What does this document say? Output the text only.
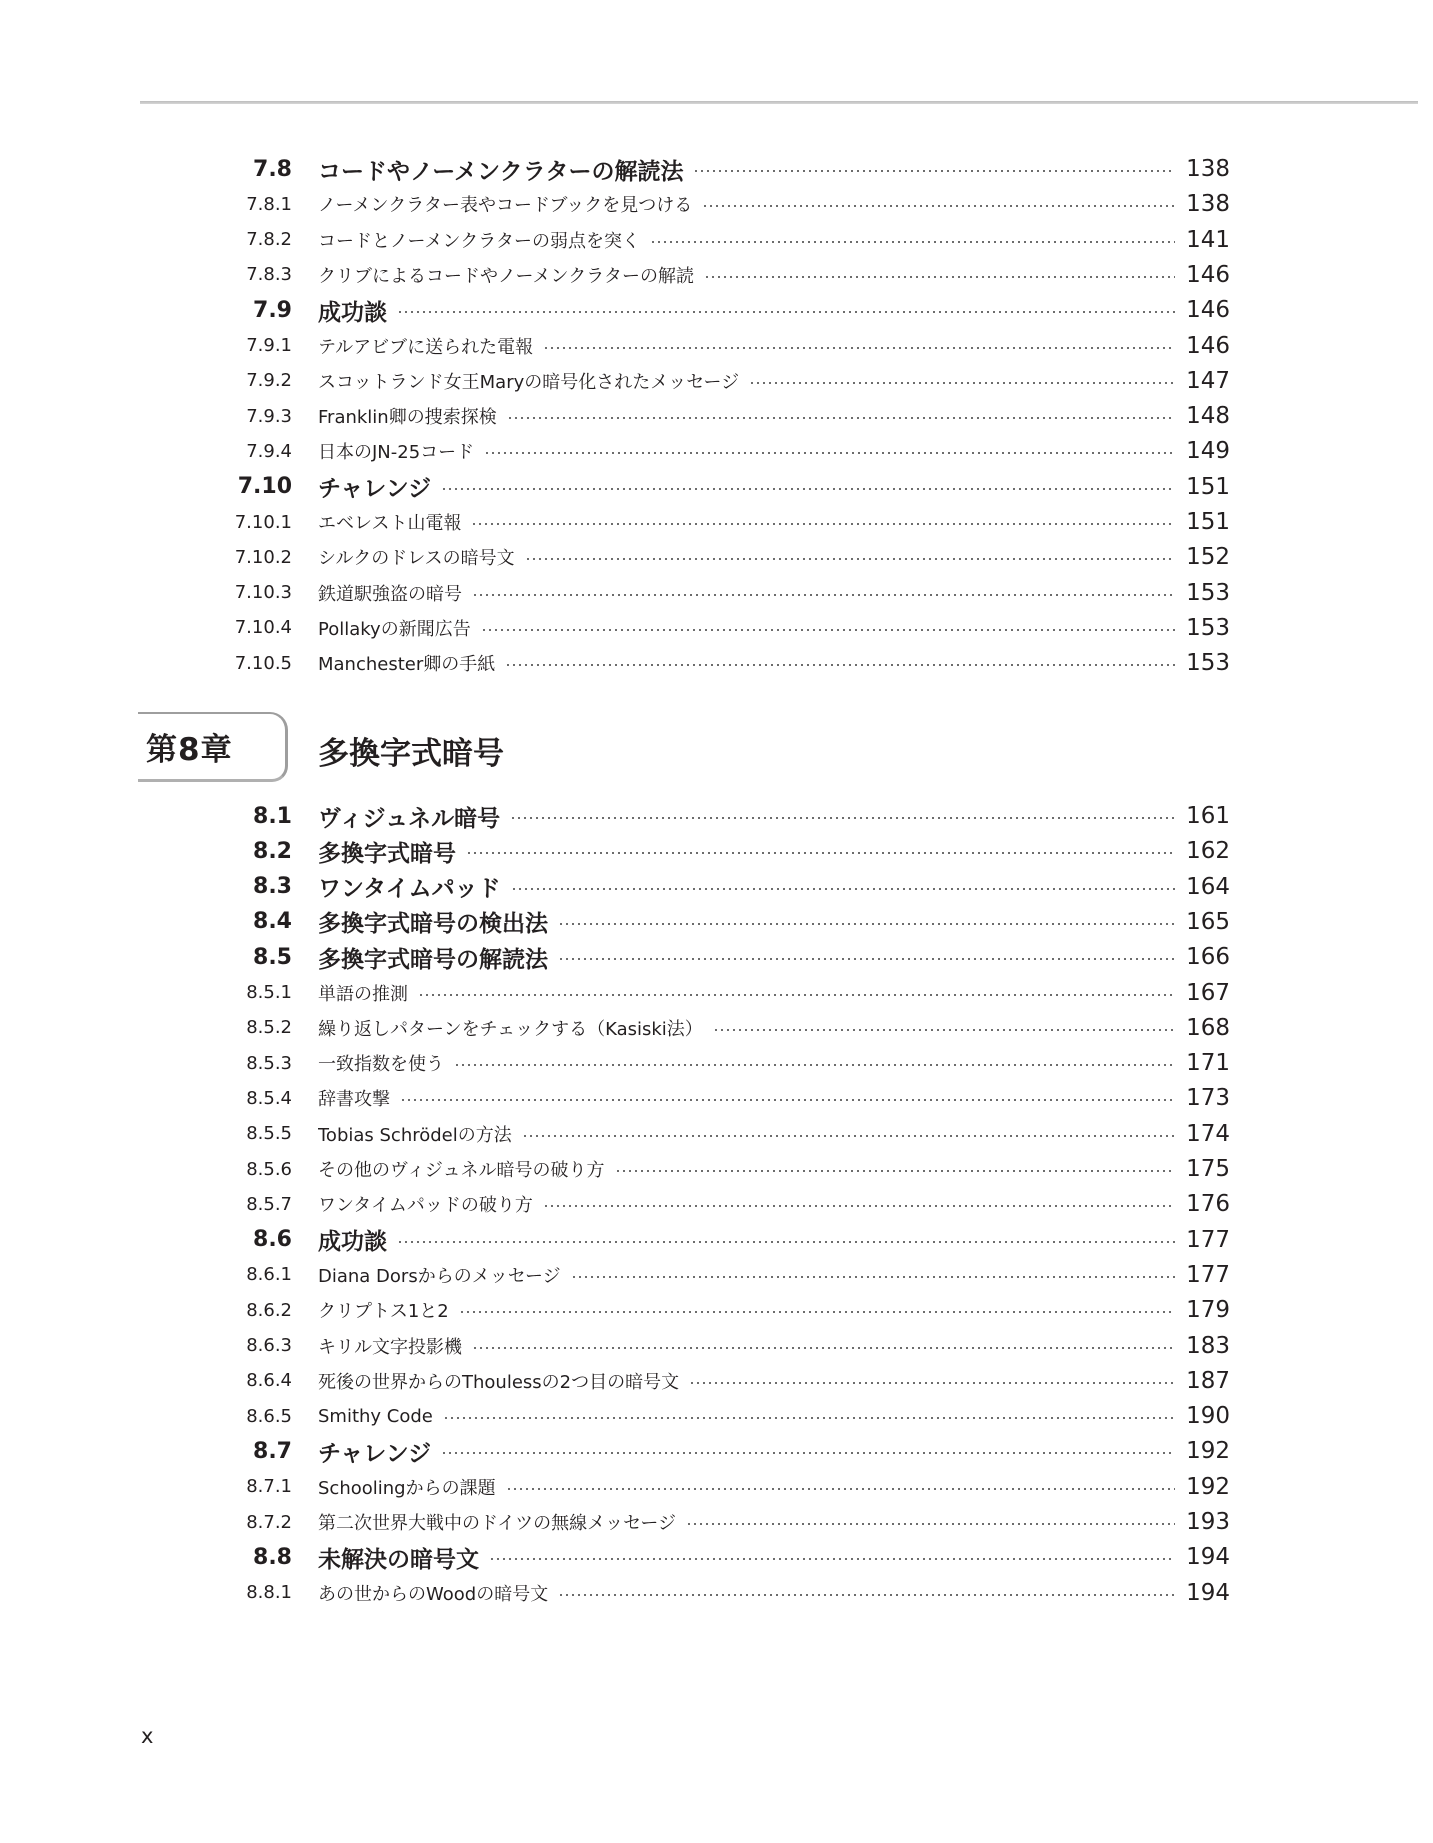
7.8 コードやノーメンクラターの解読法	138
7.8.1 ノーメンクラター表やコードブックを見つける	138
7.8.2 コードとノーメンクラターの弱点を突く	141
7.8.3 クリブによるコードやノーメンクラターの解読	146
7.9 成功談	146
7.9.1 テルアビブに送られた電報	146
7.9.2 スコットランド女王Maryの暗号化されたメッセージ	147
7.9.3 Franklin卿の捜索探検	148
7.9.4 日本のJN-25コード	149
7.10 チャレンジ	151
7.10.1 エベレスト山電報	151
7.10.2 シルクのドレスの暗号文	152
7.10.3 鉄道駅強盗の暗号	153
7.10.4 Pollakyの新聞広告	153
7.10.5 Manchester卿の手紙	153
8.1 ヴィジュネル暗号	161
8.2 多換字式暗号	162
8.3 ワンタイムパッド	164
8.4 多換字式暗号の検出法	165
8.5 多換字式暗号の解読法	166
8.5.1 単語の推測	167
8.5.2 繰り返しパターンをチェックする（Kasiski法）	168
8.5.3 一致指数を使う	171
8.5.4 辞書攻撃	173
8.5.5 Tobias Schrödelの方法	174
8.5.6 その他のヴィジュネル暗号の破り方	175
8.5.7 ワンタイムパッドの破り方	176
8.6 成功談	177
8.6.1 Diana Dorsからのメッセージ	177
8.6.2 クリプトス1と2	179
8.6.3 キリル文字投影機	183
8.6.4 死後の世界からのThoulessの2つ目の暗号文	187
8.6.5 Smithy Code	190
8.7 チャレンジ	192
8.7.1 Schoolingからの課題	192
8.7.2 第二次世界大戦中のドイツの無線メッセージ	193
8.8 未解決の暗号文	194
8.8.1 あの世からのWoodの暗号文	194
第8章	多換字式暗号
x
